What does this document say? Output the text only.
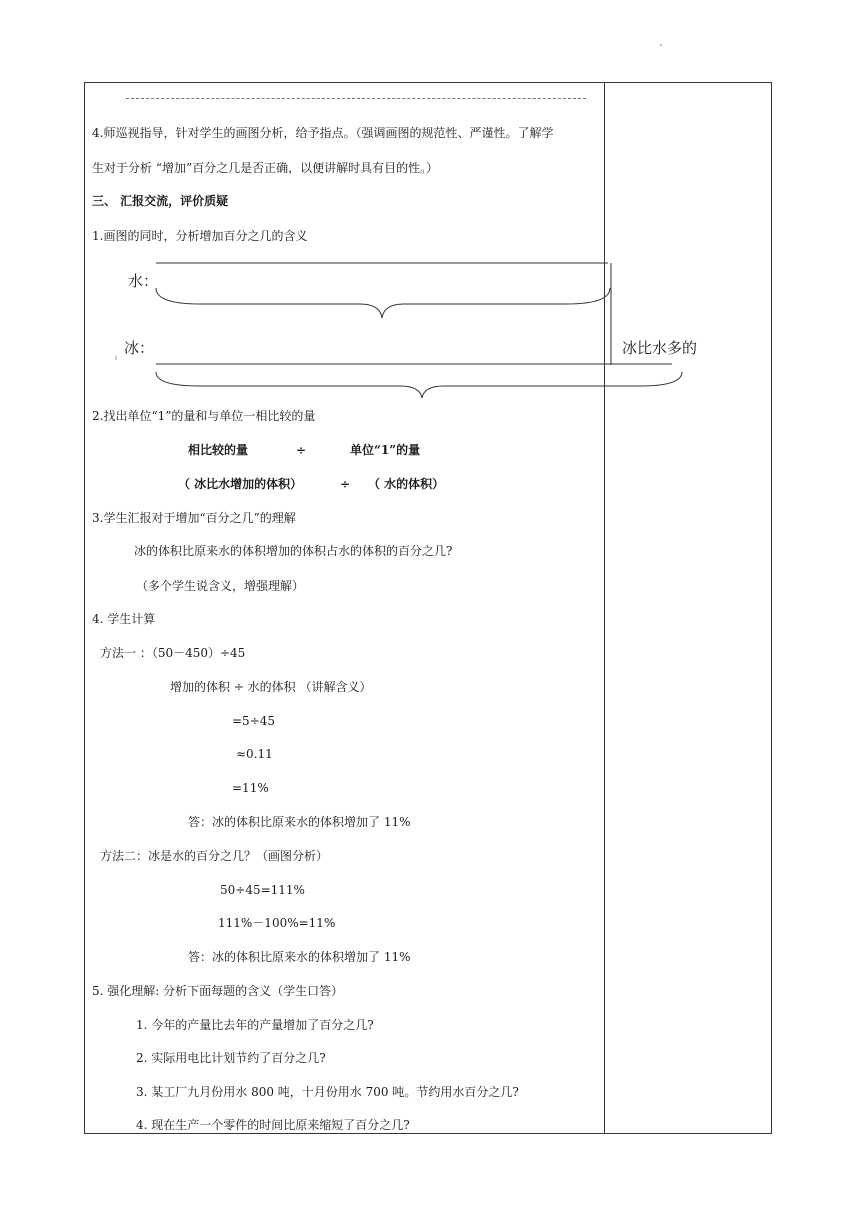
4.师巡视指导，针对学生的画图分析，给予指点。（强调画图的规范性、严谨性。了解学
生对于分析 “增加”百分之几是否正确，以便讲解时具有目的性。）
三、 汇报交流，评价质疑
1.画图的同时，分析增加百分之几的含义
水：
冰：	冰比水多的
2.找出单位“1”的量和与单位一相比较的量
相比较的量	÷	单位“1”的量
（ 冰比水增加的体积）	÷ （ 水的体积）
3.学生汇报对于增加“百分之几”的理解
冰的体积比原来水的体积增加的体积占水的体积的百分之几?
（多个学生说含义，增强理解）
4. 学生计算
方法一 ：（50－450）÷45
增加的体积 ÷ 水的体积 （讲解含义）
=5÷45
≈0.11
=11%
答：冰的体积比原来水的体积增加了 11%
方法二：冰是水的百分之几？（画图分析）
50÷45=111%
111%－100%=11%
答：冰的体积比原来水的体积增加了 11%
5. 强化理解: 分析下面每题的含义（学生口答）
1. 今年的产量比去年的产量增加了百分之几?
2. 实际用电比计划节约了百分之几?
3. 某工厂九月份用水 800 吨，十月份用水 700 吨。节约用水百分之几?
4. 现在生产一个零件的时间比原来缩短了百分之几?
